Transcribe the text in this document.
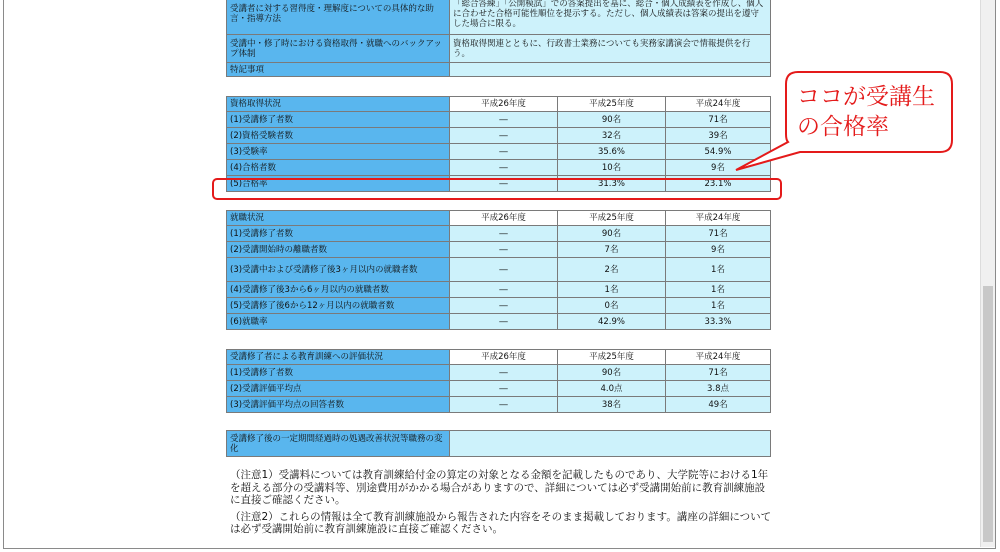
受講者に対する習得度・理解度についての具体的な助言・指導方法	「総合答練」「公開模試」での答案提出を基に、総合・個人成績表を作成し、個人に合わせた合格可能性順位を提示する。ただし、個人成績表は答案の提出を遵守した場合に限る。
受講中・修了時における資格取得・就職へのバックアップ体制	資格取得関連とともに、行政書士業務についても実務家講演会で情報提供を行う。
特記事項	
資格取得状況	平成26年度	平成25年度	平成24年度
(1)受講修了者数	―	90名	71名
(2)資格受験者数	―	32名	39名
(3)受験率	―	35.6%	54.9%
(4)合格者数	―	10名	9名
(5)合格率	―	31.3%	23.1%
就職状況	平成26年度	平成25年度	平成24年度
(1)受講修了者数	―	90名	71名
(2)受講開始時の離職者数	―	7名	9名
(3)受講中および受講修了後3ヶ月以内の就職者数	―	2名	1名
(4)受講修了後3から6ヶ月以内の就職者数	―	1名	1名
(5)受講修了後6から12ヶ月以内の就職者数	―	0名	1名
(6)就職率	―	42.9%	33.3%
受講修了者による教育訓練への評価状況	平成26年度	平成25年度	平成24年度
(1)受講修了者数	―	90名	71名
(2)受講評価平均点	―	4.0点	3.8点
(3)受講評価平均点の回答者数	―	38名	49名
受講修了後の一定期間経過時の処遇改善状況等職務の変化	

（注意1）受講料については教育訓練給付金の算定の対象となる金額を記載したものであり、大学院等における1年を超える部分の受講料等、別途費用がかかる場合がありますので、詳細については必ず受講開始前に教育訓練施設に直接ご確認ください。

（注意2）これらの情報は全て教育訓練施設から報告された内容をそのまま掲載しております。講座の詳細については必ず受講開始前に教育訓練施設に直接ご確認ください。

ココが受講生
の合格率
